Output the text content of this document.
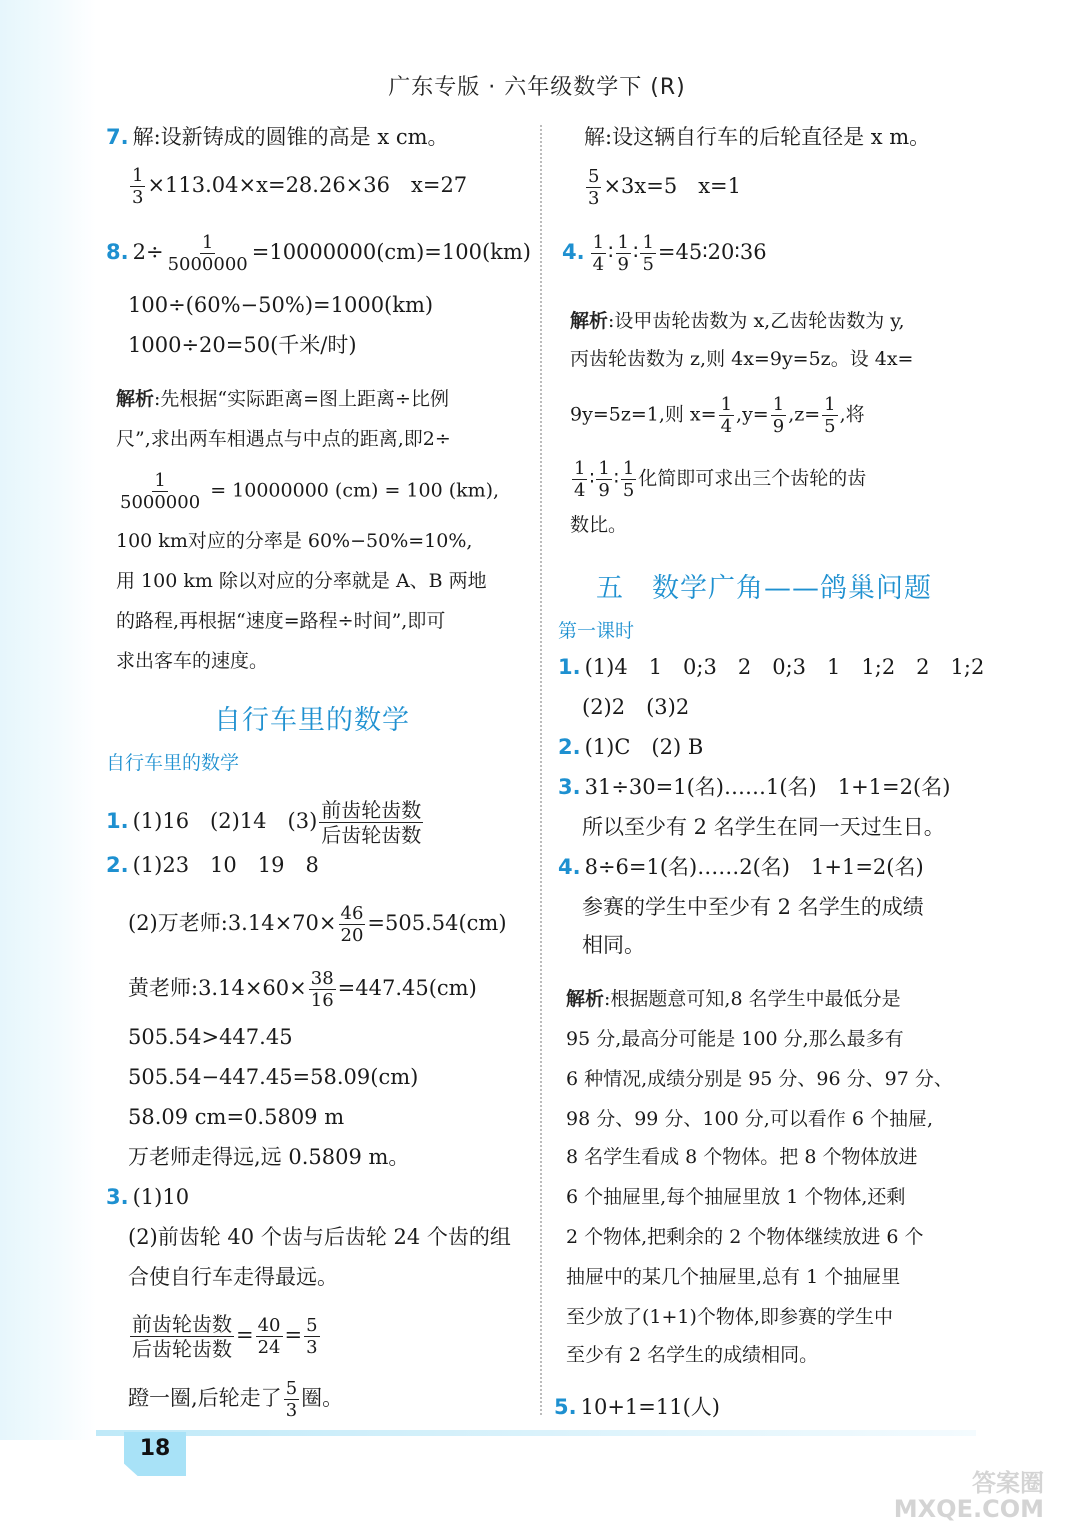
广东专版 · 六年级数学下 (R)
7. 解:设新铸成的圆锥的高是 x cm。
$\frac{1}{3} \times 113.04\times x=28.26\times 36$　x=27
8. $2\div \frac{1}{5000000} =10000000(cm)=100(km)$
100÷(60%−50%)=1000(km)
1000÷20=50(千米/时)
解析:先根据“实际距离=图上距离÷比例
尺”,求出两车相遇点与中点的距离,即2÷
$\frac{1}{5000000} = 10000000$ (cm) = 100 (km),
100 km对应的分率是 60%−50%=10%,
用 100 km 除以对应的分率就是 A、B 两地
的路程,再根据“速度=路程÷时间”,即可
求出客车的速度。
自行车里的数学
自行车里的数学
1. (1)16　(2)14　$(3) \frac{\text{前齿轮齿数}}{\text{后齿轮齿数}}$
2. (1)23　10　19　8
(2)万老师:3.14×70× $\frac{46}{20} =505.54(cm)$
黄老师:3.14×60× $\frac{38}{16} =447.45(cm)$
505.54>447.45
505.54−447.45=58.09(cm)
58.09 cm=0.5809 m
万老师走得远,远 0.5809 m。
3. (1)10
(2)前齿轮 40 个齿与后齿轮 24 个齿的组
合使自行车走得最远。
$\frac{\text{前齿轮齿数}}{\text{后齿轮齿数}} = \frac{40}{24} = \frac{5}{3}$
蹬一圈,后轮走了 $\frac{5}{3}$ 圈。
解:设这辆自行车的后轮直径是 x m。
$\frac{5}{3} \times 3x=5$　x=1
4. $\frac{1}{4}$ ∶ $\frac{1}{9}$ ∶ $\frac{1}{5}$ =45∶20∶36
解析:设甲齿轮齿数为 x,乙齿轮齿数为 y,
丙齿轮齿数为 z,则 4x=9y=5z。设 4x=
9y=5z=1,则 $x= \frac{1}{4} ,y= \frac{1}{9} ,z= \frac{1}{5}$ ,将
$\frac{1}{4}$ ∶ $\frac{1}{9}$ ∶ $\frac{1}{5}$ 化简即可求出三个齿轮的齿
数比。
五　数学广角——鸽巢问题
第一课时
1. (1)4　1　0;3　2　0;3　1　1;2　2　1;2
(2)2　(3)2
2. (1)C　(2) B
3. 31÷30=1(名)……1(名)　1+1=2(名)
所以至少有 2 名学生在同一天过生日。
4. 8÷6=1(名)……2(名)　1+1=2(名)
参赛的学生中至少有 2 名学生的成绩
相同。
解析:根据题意可知,8 名学生中最低分是
95 分,最高分可能是 100 分,那么最多有
6 种情况,成绩分别是 95 分、96 分、97 分、
98 分、99 分、100 分,可以看作 6 个抽屉,
8 名学生看成 8 个物体。把 8 个物体放进
6 个抽屉里,每个抽屉里放 1 个物体,还剩
2 个物体,把剩余的 2 个物体继续放进 6 个
抽屉中的某几个抽屉里,总有 1 个抽屉里
至少放了(1+1)个物体,即参赛的学生中
至少有 2 名学生的成绩相同。
5. 10+1=11(人)
18
答案圈
MXQE.COM
